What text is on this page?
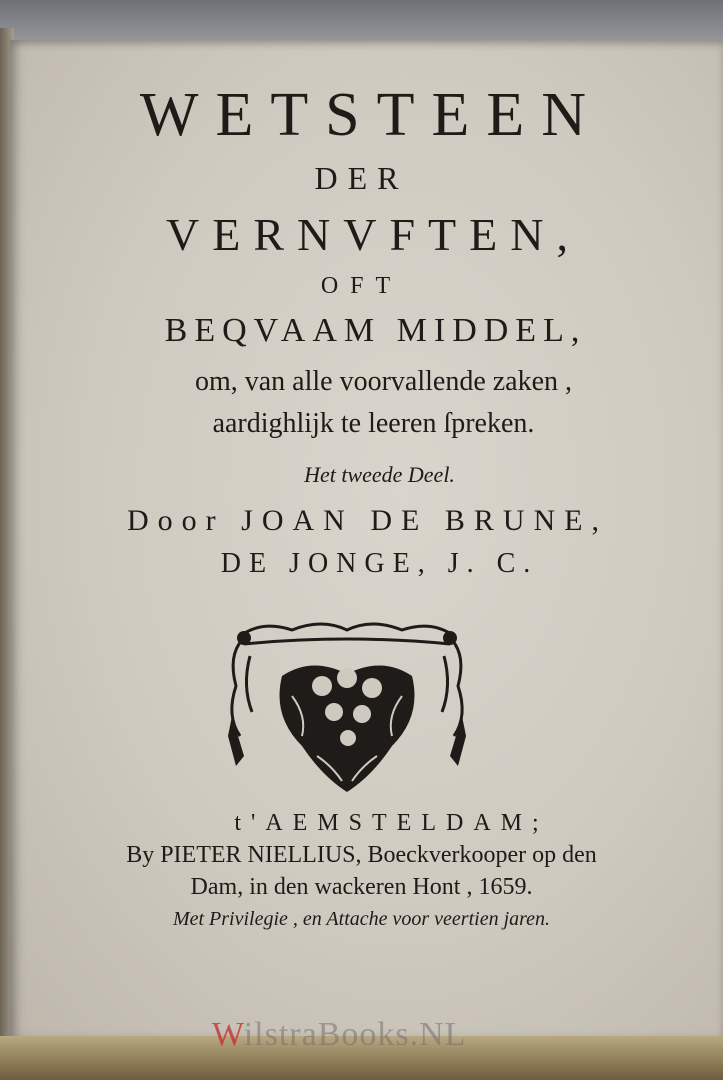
WETSTEEN
DER
VERNVFTEN,
OFT
BEQVAAM MIDDEL,
om, van alle voorvallende zaken ,
aardighlijk te leeren ſpreken.
Het tweede Deel.
Door JOAN DE BRUNE,
DE JONGE, J. C.
t'AEMSTELDAM;
By PIETER NIELLIUS, Boeckverkooper op den
Dam, in den wackeren Hont , 1659.
Met Privilegie , en Attache voor veertien jaren.
WilstraBooks.NL
